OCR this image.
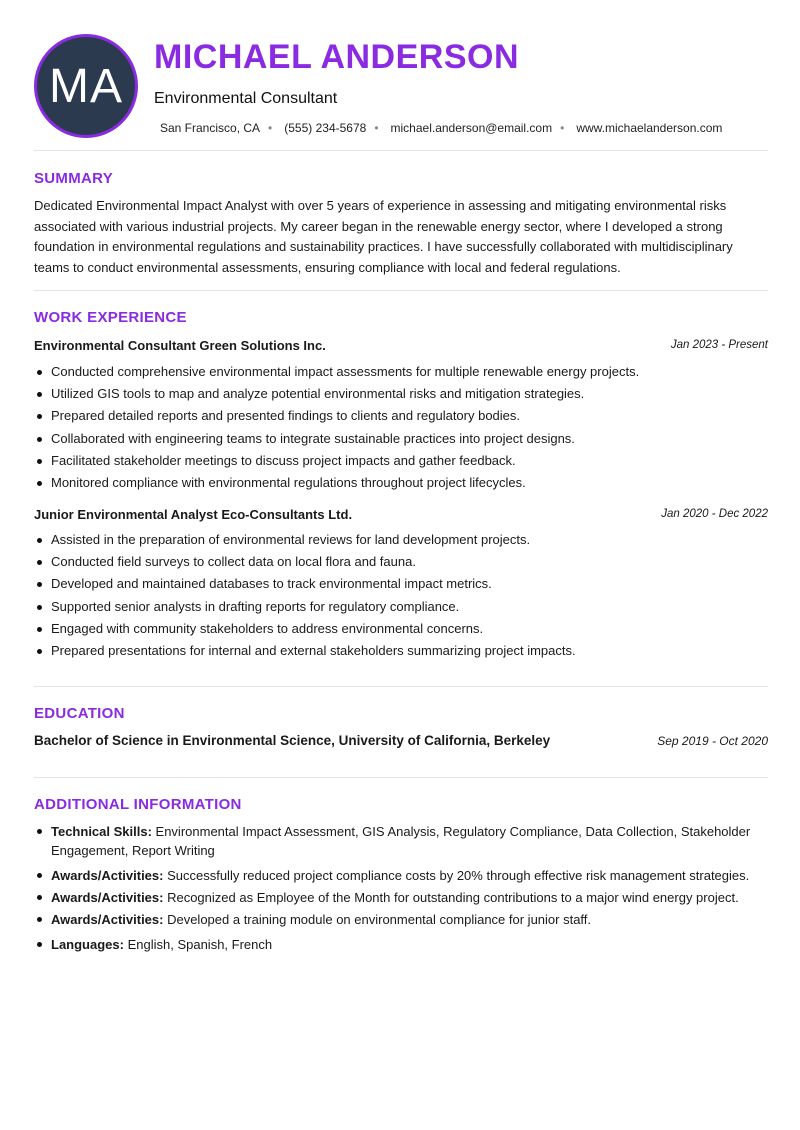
MA
MICHAEL ANDERSON
Environmental Consultant
San Francisco, CA • (555) 234-5678 • michael.anderson@email.com • www.michaelanderson.com
SUMMARY
Dedicated Environmental Impact Analyst with over 5 years of experience in assessing and mitigating environmental risks associated with various industrial projects. My career began in the renewable energy sector, where I developed a strong foundation in environmental regulations and sustainability practices. I have successfully collaborated with multidisciplinary teams to conduct environmental assessments, ensuring compliance with local and federal regulations.
WORK EXPERIENCE
Environmental Consultant Green Solutions Inc.	Jan 2023 - Present
Conducted comprehensive environmental impact assessments for multiple renewable energy projects.
Utilized GIS tools to map and analyze potential environmental risks and mitigation strategies.
Prepared detailed reports and presented findings to clients and regulatory bodies.
Collaborated with engineering teams to integrate sustainable practices into project designs.
Facilitated stakeholder meetings to discuss project impacts and gather feedback.
Monitored compliance with environmental regulations throughout project lifecycles.
Junior Environmental Analyst Eco-Consultants Ltd.	Jan 2020 - Dec 2022
Assisted in the preparation of environmental reviews for land development projects.
Conducted field surveys to collect data on local flora and fauna.
Developed and maintained databases to track environmental impact metrics.
Supported senior analysts in drafting reports for regulatory compliance.
Engaged with community stakeholders to address environmental concerns.
Prepared presentations for internal and external stakeholders summarizing project impacts.
EDUCATION
Bachelor of Science in Environmental Science, University of California, Berkeley	Sep 2019 - Oct 2020
ADDITIONAL INFORMATION
Technical Skills: Environmental Impact Assessment, GIS Analysis, Regulatory Compliance, Data Collection, Stakeholder Engagement, Report Writing
Awards/Activities: Successfully reduced project compliance costs by 20% through effective risk management strategies.
Awards/Activities: Recognized as Employee of the Month for outstanding contributions to a major wind energy project.
Awards/Activities: Developed a training module on environmental compliance for junior staff.
Languages: English, Spanish, French
